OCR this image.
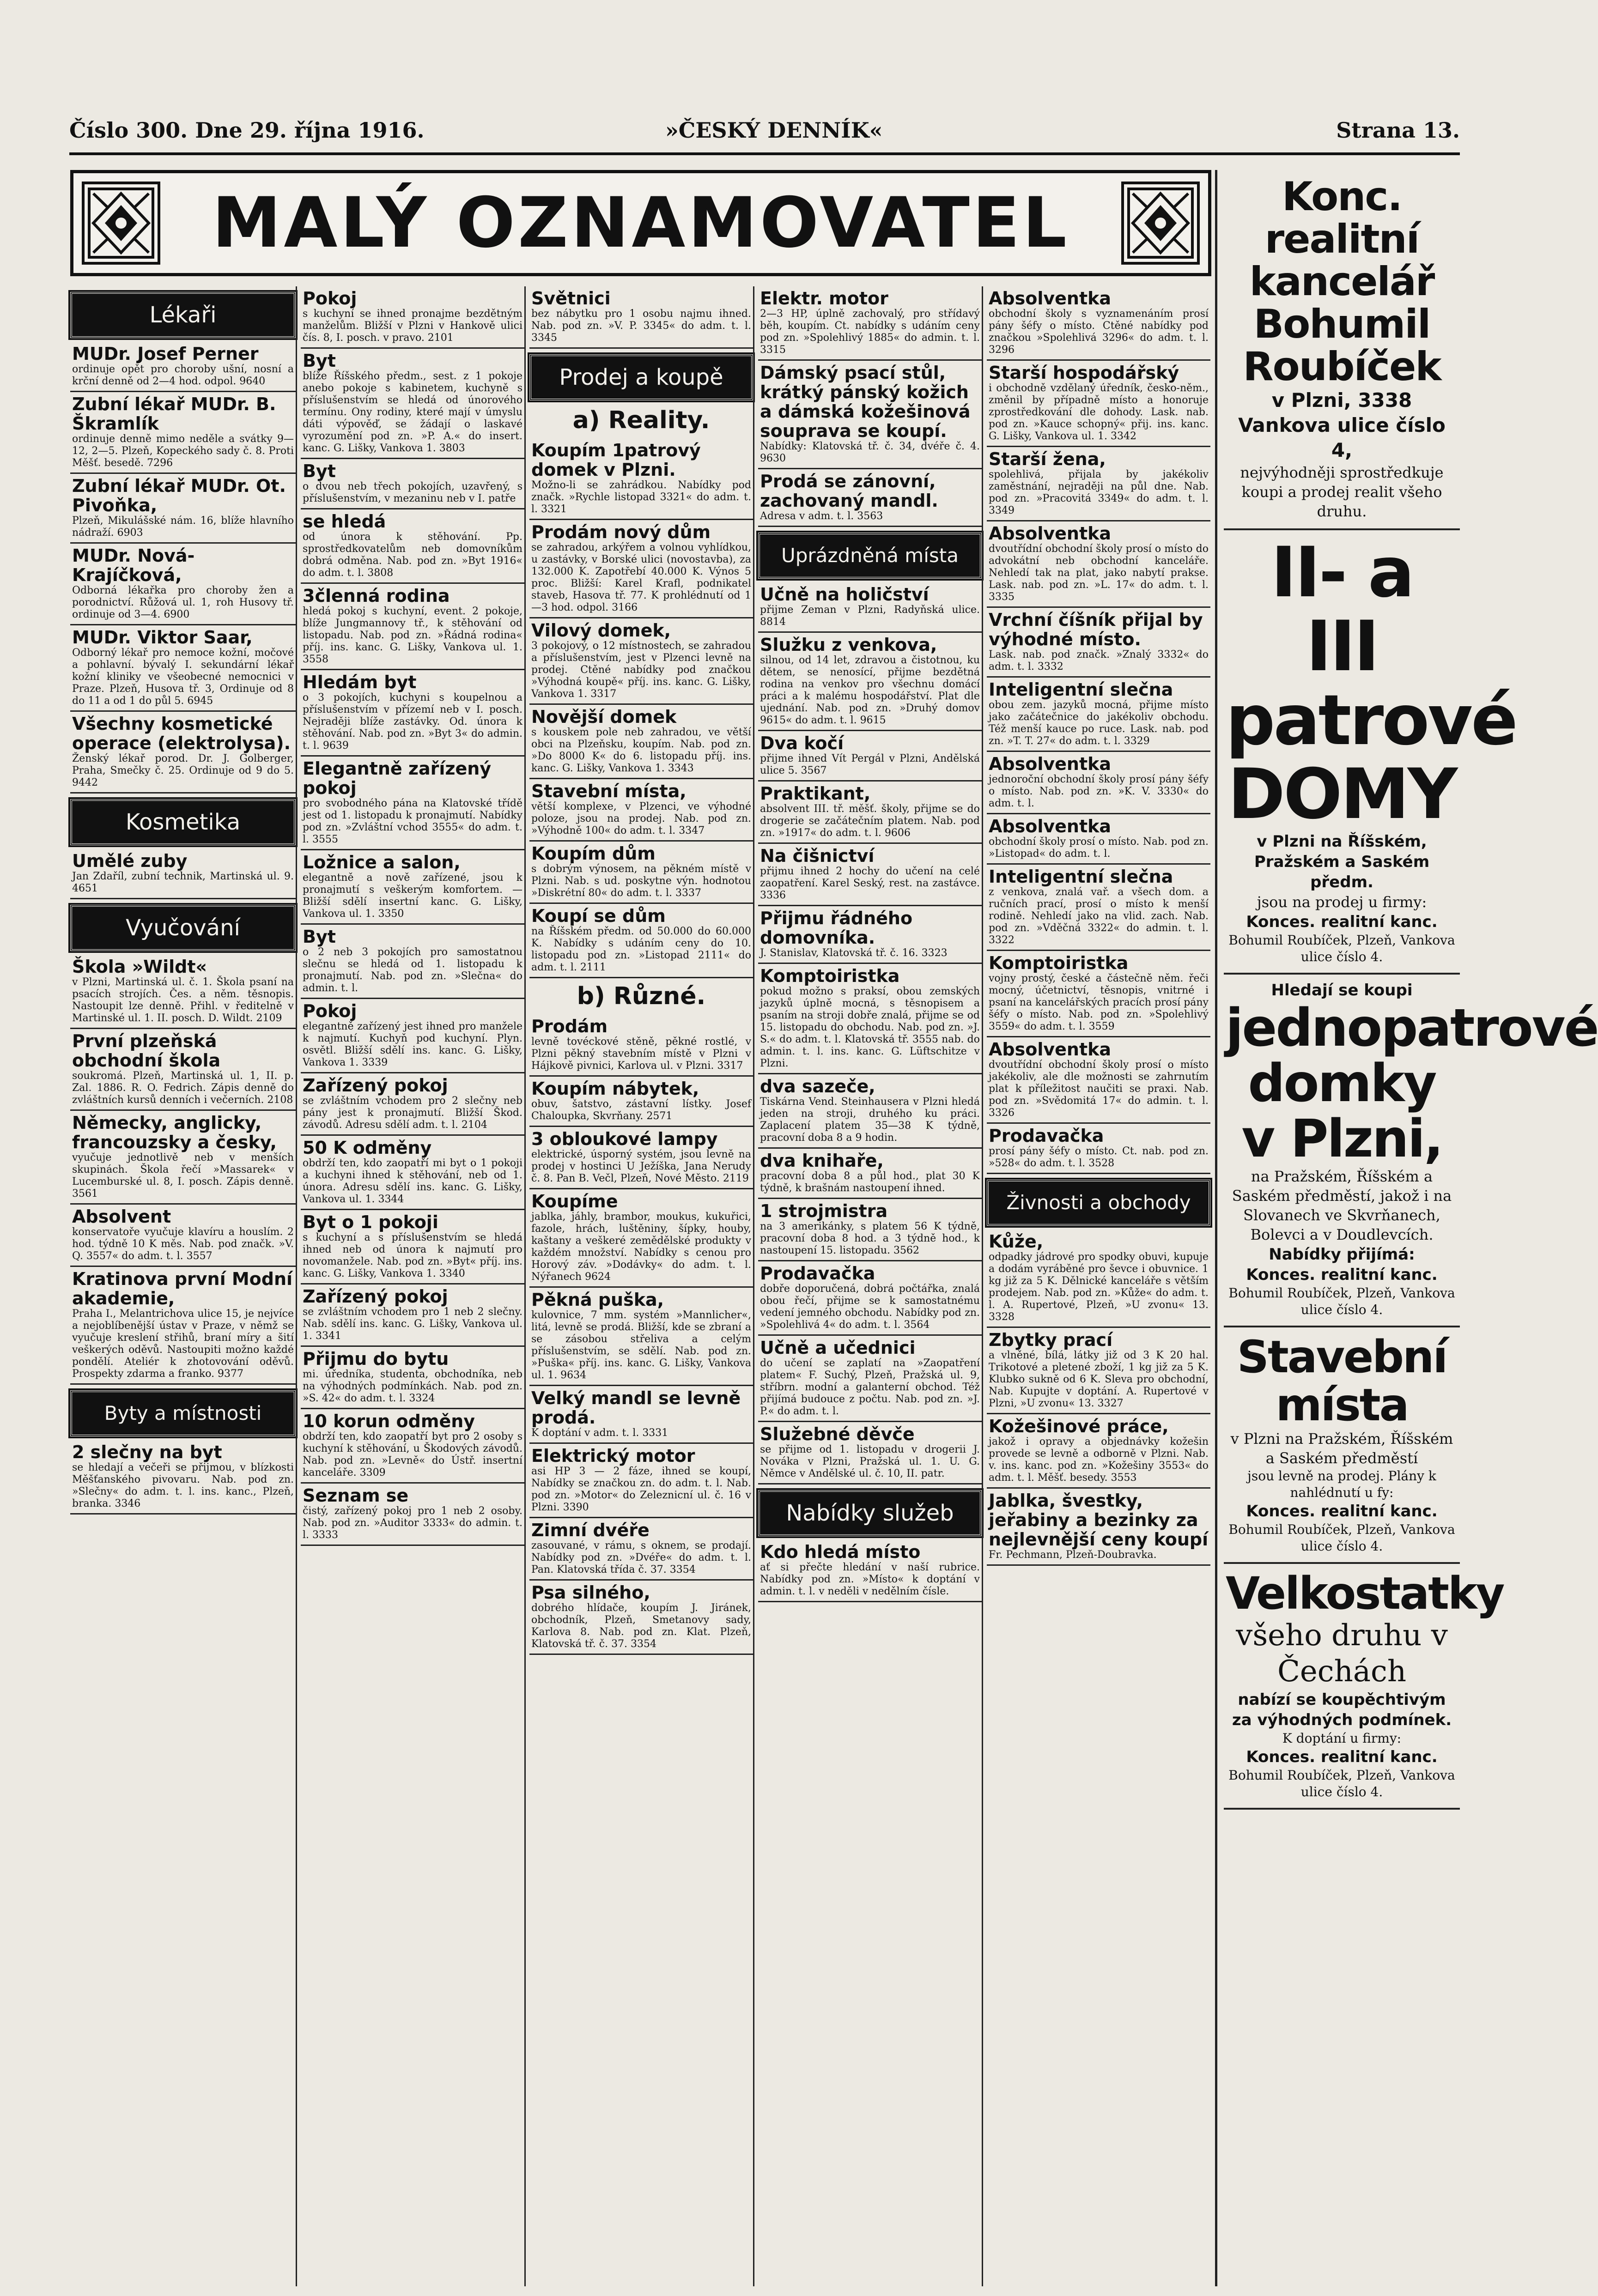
Číslo 300. Dne 29. října 1916.	»ČESKÝ DENNÍK«	Strana 13.
MALÝ OZNAMOVATEL
Lékaři
MUDr. Josef Perner
ordinuje opět pro choroby ušní, nosní a krční denně od 2—4 hod. odpol. 9640
Zubní lékař MUDr. B. Škramlík
ordinuje denně mimo neděle a svátky 9—12, 2—5. Plzeň, Kopeckého sady č. 8. Proti Měšť. besedě. 7296
Zubní lékař MUDr. Ot. Pivoňka,
Plzeň, Mikulášské nám. 16, blíže hlavního nádraží. 6903
MUDr. Nová-Krajíčková,
Odborná lékařka pro choroby žen a porodnictví. Růžová ul. 1, roh Husovy tř. ordinuje od 3—4. 6900
MUDr. Viktor Saar,
Odborný lékař pro nemoce kožní, močové a pohlavní. bývalý I. sekundární lékař kožní kliniky ve všeobecné nemocnici v Praze. Plzeň, Husova tř. 3, Ordinuje od 8 do 11 a od 1 do půl 5. 6945
Všechny kosmetické operace (elektrolysa).
Ženský lékař porod. Dr. J. Golberger, Praha, Smečky č. 25. Ordinuje od 9 do 5. 9442
Kosmetika
Umělé zuby
Jan Zdaříl, zubní technik, Martinská ul. 9. 4651
Vyučování
Škola »Wildt«
v Plzni, Martinská ul. č. 1. Škola psaní na psacích strojích. Čes. a něm. těsnopis. Nastoupit lze denně. Přihl. v ředitelně v Martinské ul. 1. II. posch. D. Wildt. 2109
První plzeňská obchodní škola
soukromá. Plzeň, Martinská ul. 1, II. p. Zal. 1886. R. O. Fedrich. Zápis denně do zvláštních kursů denních i večerních. 2108
Německy, anglicky, francouzsky a česky,
vyučuje jednotlivě neb v menších skupinách. Škola řečí »Massarek« v Lucemburské ul. 8, I. posch. Zápis denně. 3561
Absolvent
konservatoře vyučuje klavíru a houslím. 2 hod. týdně 10 K měs. Nab. pod značk. »V. Q. 3557« do adm. t. l. 3557
Kratinova první Modní akademie,
Praha I., Melantrichova ulice 15, je nejvíce a nejoblíbenější ústav v Praze, v němž se vyučuje kreslení střihů, braní míry a šití veškerých oděvů. Nastoupiti možno každé pondělí. Ateliér k zhotovování oděvů. Prospekty zdarma a franko. 9377
Byty a místnosti
2 slečny na byt
se hledají a večeři se přijmou, v blízkosti Měšťanského pivovaru. Nab. pod zn. »Slečny« do adm. t. l. ins. kanc., Plzeň, branka. 3346
Pokoj
s kuchyní se ihned pronajme bezdětným manželům. Bližší v Plzni v Hankově ulici čís. 8, I. posch. v pravo. 2101
Byt
blíže Říšského předm., sest. z 1 pokoje anebo pokoje s kabinetem, kuchyně s příslušenstvím se hledá od únorového termínu. Ony rodiny, které mají v úmyslu dáti výpověď, se žádají o laskavé vyrozumění pod zn. »P. A.« do insert. kanc. G. Lišky, Vankova 1. 3803
Byt
o dvou neb třech pokojích, uzavřený, s příslušenstvím, v mezaninu neb v I. patře
se hledá
od února k stěhování. Pp. sprostředkovatelům neb domovníkům dobrá odměna. Nab. pod zn. »Byt 1916« do adm. t. l. 3808
3členná rodina
hledá pokoj s kuchyní, event. 2 pokoje, blíže Jungmannovy tř., k stěhování od listopadu. Nab. pod zn. »Řádná rodina« příj. ins. kanc. G. Lišky, Vankova ul. 1. 3558
Hledám byt
o 3 pokojích, kuchyni s koupelnou a příslušenstvím v přízemí neb v I. posch. Nejraději blíže zastávky. Od. února k stěhování. Nab. pod zn. »Byt 3« do admin. t. l. 9639
Elegantně zařízený pokoj
pro svobodného pána na Klatovské třídě jest od 1. listopadu k pronajmutí. Nabídky pod zn. »Zvláštní vchod 3555« do adm. t. l. 3555
Ložnice a salon,
elegantně a nově zařízené, jsou k pronajmutí s veškerým komfortem. — Bližší sdělí insertní kanc. G. Lišky, Vankova ul. 1. 3350
Byt
o 2 neb 3 pokojích pro samostatnou slečnu se hledá od 1. listopadu k pronajmutí. Nab. pod zn. »Slečna« do admin. t. l.
Pokoj
elegantně zařízený jest ihned pro manžele k najmutí. Kuchyň pod kuchyní. Plyn. osvětl. Bližší sdělí ins. kanc. G. Lišky, Vankova 1. 3339
Zařízený pokoj
se zvláštním vchodem pro 2 slečny neb pány jest k pronajmutí. Bližší Škod. závodů. Adresu sdělí adm. t. l. 2104
50 K odměny
obdrží ten, kdo zaopatří mi byt o 1 pokoji a kuchyni ihned k stěhování, neb od 1. února. Adresu sdělí ins. kanc. G. Lišky, Vankova ul. 1. 3344
Byt o 1 pokoji
s kuchyní a s příslušenstvím se hledá ihned neb od února k najmutí pro novomanžele. Nab. pod zn. »Byt« příj. ins. kanc. G. Lišky, Vankova 1. 3340
Zařízený pokoj
se zvláštním vchodem pro 1 neb 2 slečny. Nab. sdělí ins. kanc. G. Lišky, Vankova ul. 1. 3341
Přijmu do bytu
mi. úředníka, studenta, obchodníka, neb na výhodných podmínkách. Nab. pod zn. »S. 42« do adm. t. l. 3324
10 korun odměny
obdrží ten, kdo zaopatří byt pro 2 osoby s kuchyní k stěhování, u Škodových závodů. Nab. pod zn. »Levně« do Ústř. insertní kanceláře. 3309
Seznam se
čistý, zařízený pokoj pro 1 neb 2 osoby. Nab. pod zn. »Auditor 3333« do admin. t. l. 3333
Světnici
bez nábytku pro 1 osobu najmu ihned. Nab. pod zn. »V. P. 3345« do adm. t. l. 3345
Prodej a koupě
a) Reality.
Koupím 1patrový domek v Plzni.
Možno-li se zahrádkou. Nabídky pod značk. »Rychle listopad 3321« do adm. t. l. 3321
Prodám nový dům
se zahradou, arkýřem a volnou vyhlídkou, u zastávky, v Borské ulici (novostavba), za 132.000 K. Zapotřebí 40.000 K. Výnos 5 proc. Bližší: Karel Krafl, podnikatel staveb, Hasova tř. 77. K prohlédnutí od 1—3 hod. odpol. 3166
Vilový domek,
3 pokojový, o 12 místnostech, se zahradou a příslušenstvím, jest v Plzenci levně na prodej. Ctěné nabídky pod značkou »Výhodná koupě« příj. ins. kanc. G. Lišky, Vankova 1. 3317
Novější domek
s kouskem pole neb zahradou, ve větší obci na Plzeňsku, koupím. Nab. pod zn. »Do 8000 K« do 6. listopadu příj. ins. kanc. G. Lišky, Vankova 1. 3343
Stavební místa,
větší komplexe, v Plzenci, ve výhodné poloze, jsou na prodej. Nab. pod zn. »Výhodně 100« do adm. t. l. 3347
Koupím dům
s dobrým výnosem, na pěkném místě v Plzni. Nab. s ud. poskytne výn. hodnotou »Diskrétní 80« do adm. t. l. 3337
Koupí se dům
na Říšském předm. od 50.000 do 60.000 K. Nabídky s udáním ceny do 10. listopadu pod zn. »Listopad 2111« do adm. t. l. 2111
b) Různé.
Prodám
levně tovéckové stěně, pěkné rostlé, v Plzni pěkný stavebním místě v Plzni v Hájkově pivnici, Karlova ul. v Plzni. 3317
Koupím nábytek,
obuv, šatstvo, zástavní lístky. Josef Chaloupka, Skvrňany. 2571
3 obloukové lampy
elektrické, úsporný systém, jsou levně na prodej v hostinci U Ježíška, Jana Nerudy č. 8. Pan B. Večl, Plzeň, Nové Město. 2119
Koupíme
jablka, jáhly, brambor, moukus, kukuřici, fazole, hrách, luštěniny, šípky, houby, kaštany a veškeré zemědělské produkty v každém množství. Nabídky s cenou pro Horový záv. »Dodávky« do adm. t. l. Nýřanech 9624
Pěkná puška,
kulovnice, 7 mm. systém »Mannlicher«, litá, levně se prodá. Bližší, kde se zbraní a se zásobou střeliva a celým příslušenstvím, se sdělí. Nab. pod zn. »Puška« příj. ins. kanc. G. Lišky, Vankova ul. 1. 9634
Velký mandl se levně prodá.
K doptání v adm. t. l. 3331
Elektrický motor
asi HP 3 — 2 fáze, ihned se koupí, Nabídky se značkou zn. do adm. t. l. Nab. pod zn. »Motor« do Zeleznicní ul. č. 16 v Plzni. 3390
Zimní dvéře
zasouvané, v rámu, s oknem, se prodají. Nabídky pod zn. »Dvéře« do adm. t. l. Pan. Klatovská třída č. 37. 3354
Psa silného,
dobrého hlídače, koupím J. Jiránek, obchodník, Plzeň, Smetanovy sady, Karlova 8. Nab. pod zn. Klat. Plzeň, Klatovská tř. č. 37. 3354
Elektr. motor
2—3 HP, úplně zachovalý, pro střídavý běh, koupím. Ct. nabídky s udáním ceny pod zn. »Spolehlivý 1885« do admin. t. l. 3315
Dámský psací stůl, krátký pánský kožich a dámská kožešinová souprava se koupí.
Nabídky: Klatovská tř. č. 34, dvéře č. 4. 9630
Prodá se zánovní, zachovaný mandl.
Adresa v adm. t. l. 3563
Uprázdněná místa
Učně na holičství
přijme Zeman v Plzni, Radyňská ulice. 8814
Služku z venkova,
silnou, od 14 let, zdravou a čistotnou, ku dětem, se nenosící, přijme bezdětná rodina na venkov pro všechnu domácí práci a k malému hospodářství. Plat dle ujednání. Nab. pod zn. »Druhý domov 9615« do adm. t. l. 9615
Dva kočí
přijme ihned Vít Pergál v Plzni, Andělská ulice 5. 3567
Praktikant,
absolvent III. tř. měšť. školy, přijme se do drogerie se začátečním platem. Nab. pod zn. »1917« do adm. t. l. 9606
Na čišnictví
přijmu ihned 2 hochy do učení na celé zaopatření. Karel Seský, rest. na zastávce. 3336
Přijmu řádného domovníka.
J. Stanislav, Klatovská tř. č. 16. 3323
Komptoiristka
pokud možno s praksí, obou zemských jazyků úplně mocná, s těsnopisem a psaním na stroji dobře znalá, přijme se od 15. listopadu do obchodu. Nab. pod zn. »J. S.« do adm. t. l. Klatovská tř. 3555 nab. do admin. t. l. ins. kanc. G. Lüftschitze v Plzni.
dva sazeče,
Tiskárna Vend. Steinhausera v Plzni hledá jeden na stroji, druhého ku práci. Zaplacení platem 35—38 K týdně, pracovní doba 8 a 9 hodin.
dva knihaře,
pracovní doba 8 a půl hod., plat 30 K týdně, k brašnám nastoupení ihned.
1 strojmistra
na 3 amerikánky, s platem 56 K týdně, pracovní doba 8 hod. a 3 týdně hod., k nastoupení 15. listopadu. 3562
Prodavačka
dobře doporučená, dobrá počtářka, znalá obou řečí, přijme se k samostatnému vedení jemného obchodu. Nabídky pod zn. »Spolehlivá 4« do adm. t. l. 3564
Učně a učednici
do učení se zaplatí na »Zaopatření platem« F. Suchý, Plzeň, Pražská ul. 9, stříbrn. modní a galanterní obchod. Též přijímá budouce z počtu. Nab. pod zn. »J. P.« do adm. t. l.
Služebné děvče
se přijme od 1. listopadu v drogerii J. Nováka v Plzni, Pražská ul. 1. U. G. Němce v Andělské ul. č. 10, II. patr.
Nabídky služeb
Kdo hledá místo
ať si přečte hledání v naší rubrice. Nabídky pod zn. »Místo« k doptání v admin. t. l. v neděli v nedělním čísle.
Absolventka
obchodní školy s vyznamenáním prosí pány šéfy o místo. Ctěné nabídky pod značkou »Spolehlivá 3296« do adm. t. l. 3296
Starší hospodářský
i obchodně vzdělaný úředník, česko-něm., změnil by případně místo a honoruje zprostředkování dle dohody. Lask. nab. pod zn. »Kauce schopný« přij. ins. kanc. G. Lišky, Vankova ul. 1. 3342
Starší žena,
spolehlivá, přijala by jakékoliv zaměstnání, nejraději na půl dne. Nab. pod zn. »Pracovitá 3349« do adm. t. l. 3349
Absolventka
dvoutřídní obchodní školy prosí o místo do advokátní neb obchodní kanceláře. Nehledí tak na plat, jako nabytí prakse. Lask. nab. pod zn. »L. 17« do adm. t. l. 3335
Vrchní číšník přijal by výhodné místo.
Lask. nab. pod značk. »Znalý 3332« do adm. t. l. 3332
Inteligentní slečna
obou zem. jazyků mocná, přijme místo jako začátečnice do jakékoliv obchodu. Též menší kauce po ruce. Lask. nab. pod zn. »T. T. 27« do adm. t. l. 3329
Absolventka
jednoroční obchodní školy prosí pány šéfy o místo. Nab. pod zn. »K. V. 3330« do adm. t. l.
Absolventka
obchodní školy prosí o místo. Nab. pod zn. »Listopad« do adm. t. l.
Inteligentní slečna
z venkova, znalá vař. a všech dom. a ručních prací, prosí o místo k menší rodině. Nehledí jako na vlid. zach. Nab. pod zn. »Vděčná 3322« do admin. t. l. 3322
Komptoiristka
vojny prostý, české a částečně něm. řeči mocný, účetnictví, těsnopis, vnitrné i psaní na kancelářských pracích prosí pány šéfy o místo. Nab. pod zn. »Spolehlivý 3559« do adm. t. l. 3559
Absolventka
dvoutřídní obchodní školy prosí o místo jakékoliv, ale dle možnosti se zahrnutím plat k příležitost naučiti se praxi. Nab. pod zn. »Svědomitá 17« do admin. t. l. 3326
Prodavačka
prosí pány šéfy o místo. Ct. nab. pod zn. »528« do adm. t. l. 3528
Živnosti a obchody
Kůže,
odpadky jádrové pro spodky obuvi, kupuje a dodám vyráběné pro ševce i obuvnice. 1 kg již za 5 K. Dělnické kanceláře s větším prodejem. Nab. pod zn. »Kůže« do adm. t. l. A. Rupertové, Plzeň, »U zvonu« 13. 3328
Zbytky prací
a vlněné, bílá, látky již od 3 K 20 hal. Trikotové a pletené zboží, 1 kg již za 5 K. Klubko sukně od 6 K. Sleva pro obchodní, Nab. Kupujte v doptání. A. Rupertové v Plzni, »U zvonu« 13. 3327
Kožešinové práce,
jakož i opravy a objednávky kožešin provede se levně a odborně v Plzni. Nab. v. ins. kanc. pod zn. »Kožešiny 3553« do adm. t. l. Měšť. besedy. 3553
Jablka, švestky, jeřabiny a bezinky za nejlevnější ceny koupí
Fr. Pechmann, Plzeň-Doubravka.
Konc. realitní kancelář
Bohumil Roubíček
v Plzni, 3338
Vankova ulice číslo 4,
nejvýhodněji sprostředkuje koupi a prodej realit všeho druhu.
II- a III patrové
DOMY
v Plzni na Říšském, Pražském a Saském předm.
jsou na prodej u firmy:
Konces. realitní kanc.
Bohumil Roubíček, Plzeň, Vankova ulice číslo 4.
Hledají se koupi
jednopatrové domky v Plzni,
na Pražském, Říšském a Saském předměstí, jakož i na Slovanech ve Skvrňanech, Bolevci a v Doudlevcích.
Nabídky přijímá:
Konces. realitní kanc.
Bohumil Roubíček, Plzeň, Vankova ulice číslo 4.
Stavební místa
v Plzni na Pražském, Říšském a Saském předměstí
jsou levně na prodej. Plány k nahlédnutí u fy:
Konces. realitní kanc.
Bohumil Roubíček, Plzeň, Vankova ulice číslo 4.
Velkostatky
všeho druhu v Čechách
nabízí se koupěchtivým za výhodných podmínek.
K doptání u firmy:
Konces. realitní kanc.
Bohumil Roubíček, Plzeň, Vankova ulice číslo 4.
